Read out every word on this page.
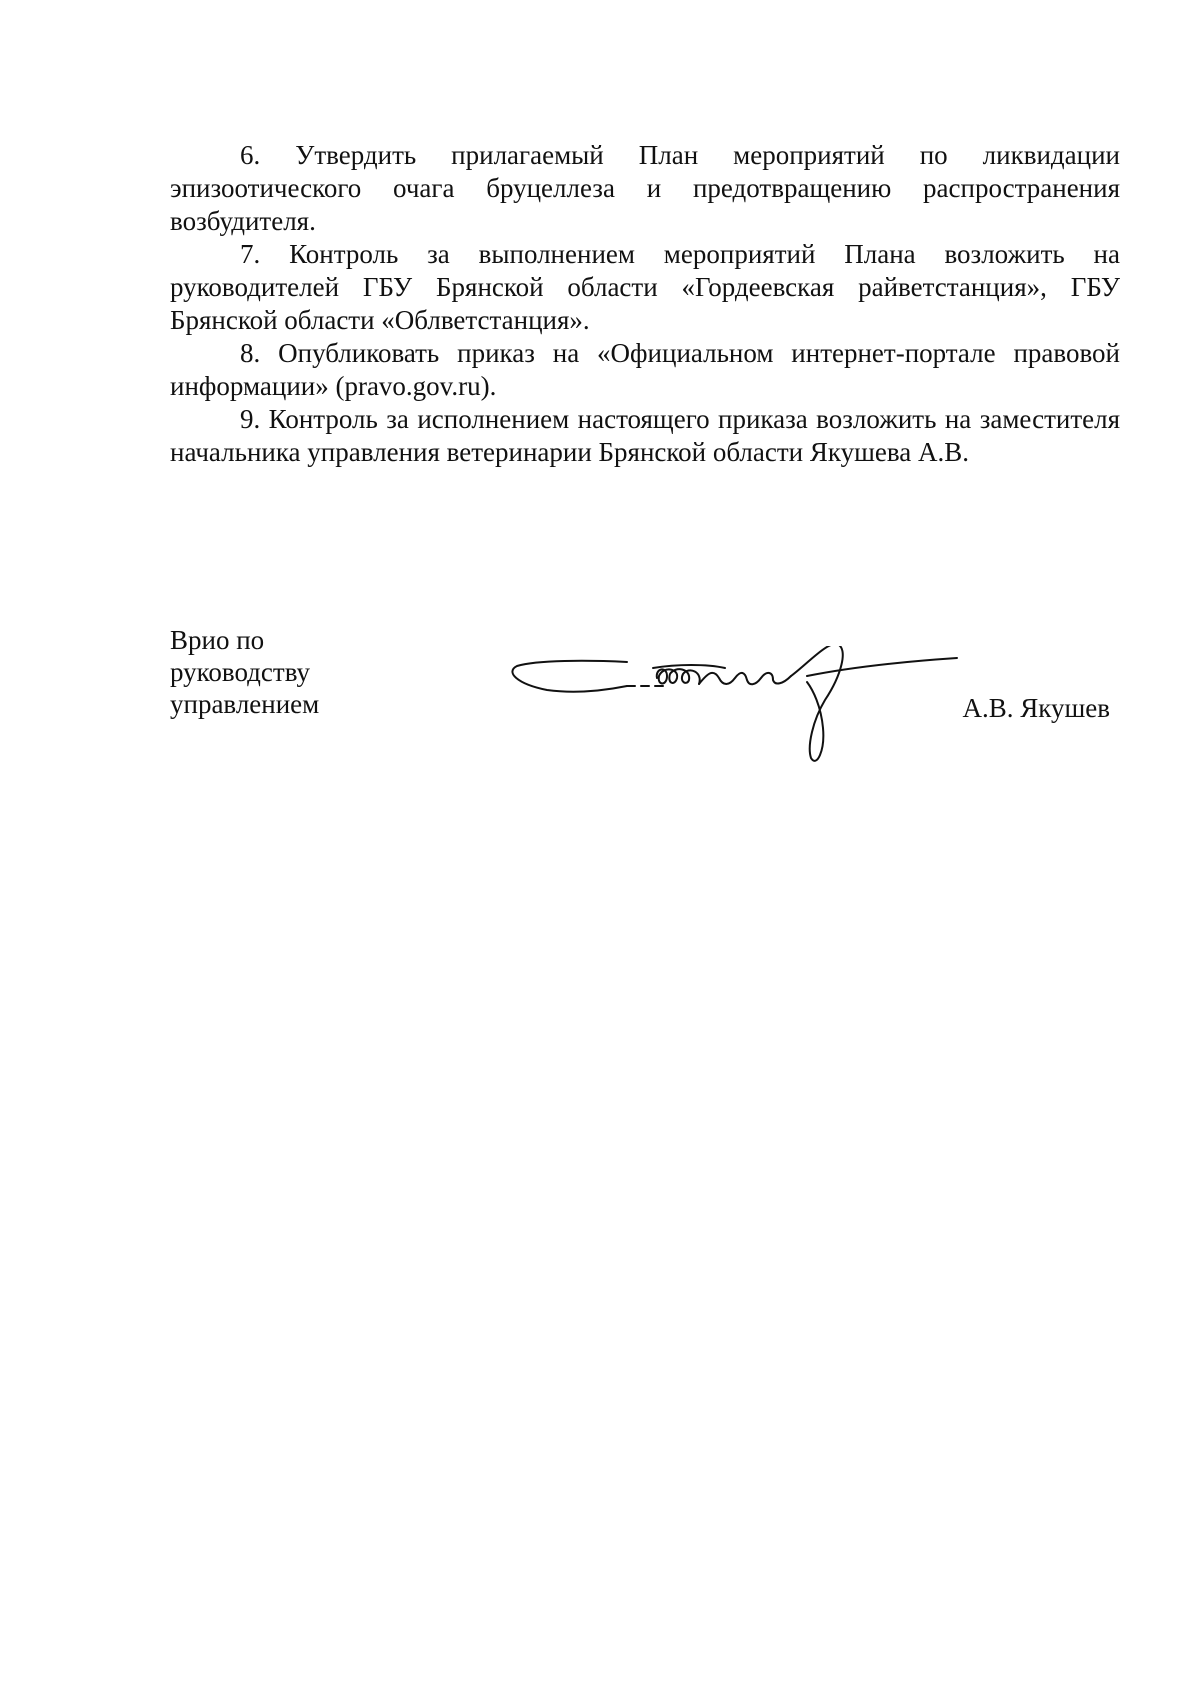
6. Утвердить прилагаемый План мероприятий по ликвидации эпизоотического очага бруцеллеза и предотвращению распространения возбудителя.

7. Контроль за выполнением мероприятий Плана возложить на руководителей ГБУ Брянской области «Гордеевская райветстанция», ГБУ Брянской области «Облветстанция».

8. Опубликовать приказ на «Официальном интернет-портале правовой информации» (pravo.gov.ru).

9. Контроль за исполнением настоящего приказа возложить на заместителя начальника управления ветеринарии Брянской области Якушева А.В.

Врио по
руководству
управлением	А.В. Якушев
